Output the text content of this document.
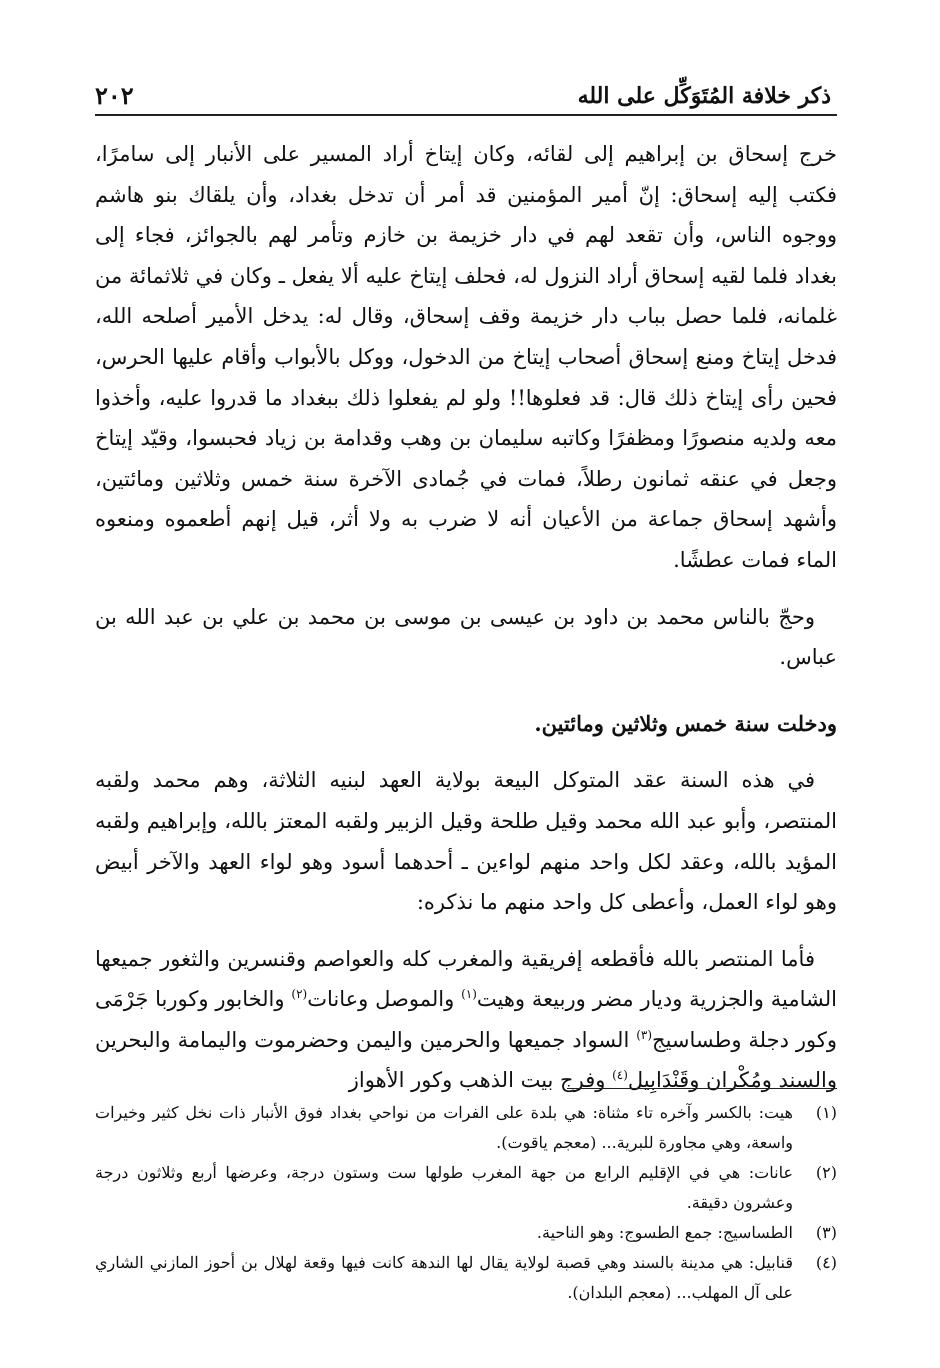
ذكر خلافة المُتَوَكِّل على الله
٢٠٢

خرج إسحاق بن إبراهيم إلى لقائه، وكان إيتاخ أراد المسير على الأنبار إلى سامرًا، فكتب إليه إسحاق: إنّ أمير المؤمنين قد أمر أن تدخل بغداد، وأن يلقاك بنو هاشم ووجوه الناس، وأن تقعد لهم في دار خزيمة بن خازم وتأمر لهم بالجوائز، فجاء إلى بغداد فلما لقيه إسحاق أراد النزول له، فحلف إيتاخ عليه ألا يفعل ـ وكان في ثلاثمائة من غلمانه، فلما حصل بباب دار خزيمة وقف إسحاق، وقال له: يدخل الأمير أصلحه الله، فدخل إيتاخ ومنع إسحاق أصحاب إيتاخ من الدخول، ووكل بالأبواب وأقام عليها الحرس، فحين رأى إيتاخ ذلك قال: قد فعلوها!! ولو لم يفعلوا ذلك ببغداد ما قدروا عليه، وأخذوا معه ولديه منصورًا ومظفرًا وكاتبه سليمان بن وهب وقدامة بن زياد فحبسوا، وقيّد إيتاخ وجعل في عنقه ثمانون رطلاً، فمات في جُمادى الآخرة سنة خمس وثلاثين ومائتين، وأشهد إسحاق جماعة من الأعيان أنه لا ضرب به ولا أثر، قيل إنهم أطعموه ومنعوه الماء فمات عطشًا.

وحجّ بالناس محمد بن داود بن عيسى بن موسى بن محمد بن علي بن عبد الله بن عباس.

ودخلت سنة خمس وثلاثين ومائتين.

في هذه السنة عقد المتوكل البيعة بولاية العهد لبنيه الثلاثة، وهم محمد ولقبه المنتصر، وأبو عبد الله محمد وقيل طلحة وقيل الزبير ولقبه المعتز بالله، وإبراهيم ولقبه المؤيد بالله، وعقد لكل واحد منهم لواءين ـ أحدهما أسود وهو لواء العهد والآخر أبيض وهو لواء العمل، وأعطى كل واحد منهم ما نذكره:

فأما المنتصر بالله فأقطعه إفريقية والمغرب كله والعواصم وقنسرين والثغور جميعها الشامية والجزرية وديار مضر وربيعة وهيت$^{(١)}$ والموصل وعانات$^{(٢)}$ والخابور وكوربا جَرْمَى وكور دجلة وطساسيج$^{(٣)}$ السواد جميعها والحرمين واليمن وحضرموت واليمامة والبحرين والسند ومُكْران وقَنْدَابِيل$^{(٤)}$ وفرج بيت الذهب وكور الأهواز

(١)
هيت: بالكسر وآخره تاء مثناة: هي بلدة على الفرات من نواحي بغداد فوق الأنبار ذات نخل كثير وخيرات واسعة، وهي مجاورة للبرية... (معجم ياقوت).
(٢)
عانات: هي في الإقليم الرابع من جهة المغرب طولها ست وستون درجة، وعرضها أربع وثلاثون درجة وعشرون دقيقة.
(٣)
الطساسيج: جمع الطسوج: وهو الناحية.
(٤)
قنابيل: هي مدينة بالسند وهي قصبة لولاية يقال لها الندهة كانت فيها وقعة لهلال بن أحوز المازني الشاري على آل المهلب... (معجم البلدان).
